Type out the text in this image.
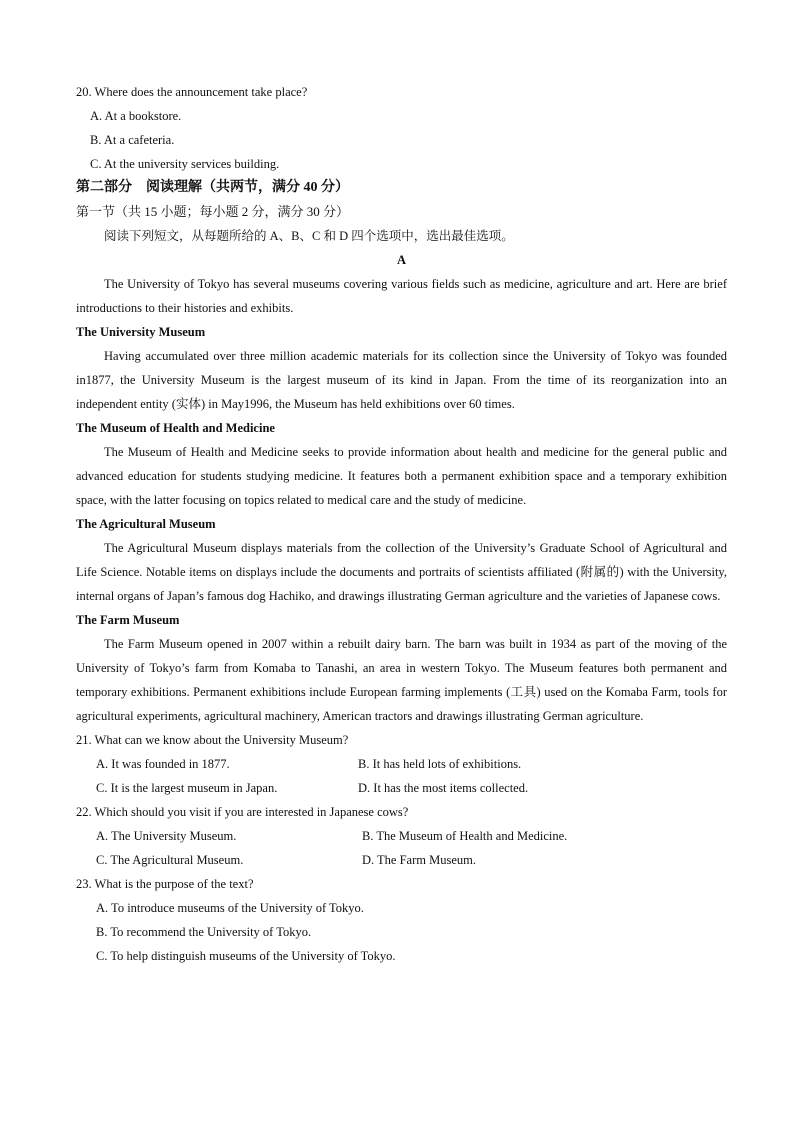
20. Where does the announcement take place?
A. At a bookstore.
B. At a cafeteria.
C. At the university services building.
第二部分　阅读理解（共两节，满分 40 分）
第一节（共 15 小题；每小题 2 分，满分 30 分）
阅读下列短文，从每题所给的 A、B、C 和 D 四个选项中，选出最佳选项。
A

The University of Tokyo has several museums covering various fields such as medicine, agriculture and art. Here are brief introductions to their histories and exhibits.

The University Museum

Having accumulated over three million academic materials for its collection since the University of Tokyo was founded in1877, the University Museum is the largest museum of its kind in Japan. From the time of its reorganization into an independent entity (实体) in May1996, the Museum has held exhibitions over 60 times.

The Museum of Health and Medicine

The Museum of Health and Medicine seeks to provide information about health and medicine for the general public and advanced education for students studying medicine. It features both a permanent exhibition space and a temporary exhibition space, with the latter focusing on topics related to medical care and the study of medicine.

The Agricultural Museum

The Agricultural Museum displays materials from the collection of the University’s Graduate School of Agricultural and Life Science. Notable items on displays include the documents and portraits of scientists affiliated (附属的) with the University, internal organs of Japan’s famous dog Hachiko, and drawings illustrating German agriculture and the varieties of Japanese cows.

The Farm Museum

The Farm Museum opened in 2007 within a rebuilt dairy barn. The barn was built in 1934 as part of the moving of the University of Tokyo’s farm from Komaba to Tanashi, an area in western Tokyo. The Museum features both permanent and temporary exhibitions. Permanent exhibitions include European farming implements (工具) used on the Komaba Farm, tools for agricultural experiments, agricultural machinery, American tractors and drawings illustrating German agriculture.

21. What can we know about the University Museum?
A. It was founded in 1877.	B. It has held lots of exhibitions.
C. It is the largest museum in Japan.	D. It has the most items collected.
22. Which should you visit if you are interested in Japanese cows?
A. The University Museum.	B. The Museum of Health and Medicine.
C. The Agricultural Museum.	D. The Farm Museum.
23. What is the purpose of the text?
A. To introduce museums of the University of Tokyo.
B. To recommend the University of Tokyo.
C. To help distinguish museums of the University of Tokyo.
